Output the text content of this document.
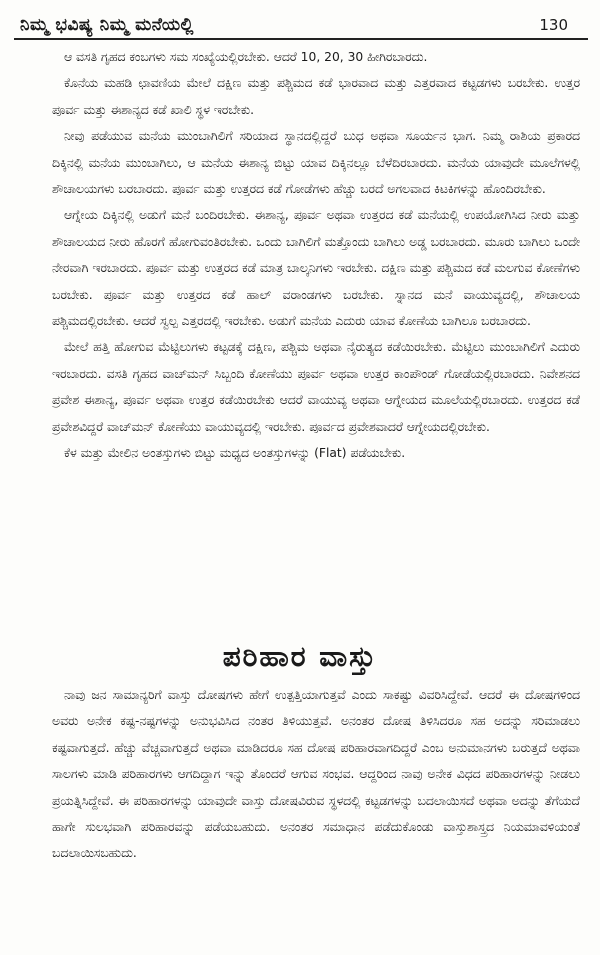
ನಿಮ್ಮ ಭವಿಷ್ಯ ನಿಮ್ಮ ಮನೆಯಲ್ಲಿ	130

ಆ ವಸತಿ ಗೃಹದ ಕಂಬಗಳು ಸಮ ಸಂಖ್ಯೆಯಲ್ಲಿರಬೇಕು. ಆದರೆ 10, 20, 30 ಹೀಗಿರಬಾರದು.

ಕೊನೆಯ ಮಹಡಿ ಛಾವಣಿಯ ಮೇಲೆ ದಕ್ಷಿಣ ಮತ್ತು ಪಶ್ಚಿಮದ ಕಡೆ ಭಾರವಾದ ಮತ್ತು ಎತ್ತರವಾದ ಕಟ್ಟಡಗಳು ಬರಬೇಕು. ಉತ್ತರ ಪೂರ್ವ ಮತ್ತು ಈಶಾನ್ಯದ ಕಡೆ ಖಾಲಿ ಸ್ಥಳ ಇರಬೇಕು.

ನೀವು ಪಡೆಯುವ ಮನೆಯ ಮುಂಬಾಗಿಲಿಗೆ ಸರಿಯಾದ ಸ್ಥಾನದಲ್ಲಿದ್ದರೆ ಬುಧ ಅಥವಾ ಸೂರ್ಯನ ಭಾಗ. ನಿಮ್ಮ ರಾಶಿಯ ಪ್ರಕಾರದ ದಿಕ್ಕಿನಲ್ಲಿ ಮನೆಯ ಮುಂಬಾಗಿಲು, ಆ ಮನೆಯ ಈಶಾನ್ಯ ಬಿಟ್ಟು ಯಾವ ದಿಕ್ಕಿನಲ್ಲೂ ಬೆಳೆದಿರಬಾರದು. ಮನೆಯ ಯಾವುದೇ ಮೂಲೆಗಳಲ್ಲಿ ಶೌಚಾಲಯಗಳು ಬರಬಾರದು. ಪೂರ್ವ ಮತ್ತು ಉತ್ತರದ ಕಡೆ ಗೋಡೆಗಳು ಹೆಚ್ಚು ಬರದೆ ಅಗಲವಾದ ಕಿಟಕಿಗಳನ್ನು ಹೊಂದಿರಬೇಕು.

ಆಗ್ನೇಯ ದಿಕ್ಕಿನಲ್ಲಿ ಅಡುಗೆ ಮನೆ ಬಂದಿರಬೇಕು. ಈಶಾನ್ಯ, ಪೂರ್ವ ಅಥವಾ ಉತ್ತರದ ಕಡೆ ಮನೆಯಲ್ಲಿ ಉಪಯೋಗಿಸಿದ ನೀರು ಮತ್ತು ಶೌಚಾಲಯದ ನೀರು ಹೊರಗೆ ಹೋಗುವಂತಿರಬೇಕು. ಒಂದು ಬಾಗಿಲಿಗೆ ಮತ್ತೊಂದು ಬಾಗಿಲು ಅಡ್ಡ ಬರಬಾರದು. ಮೂರು ಬಾಗಿಲು ಒಂದೇ ನೇರವಾಗಿ ಇರಬಾರದು. ಪೂರ್ವ ಮತ್ತು ಉತ್ತರದ ಕಡೆ ಮಾತ್ರ ಬಾಲ್ಕನಿಗಳು ಇರಬೇಕು. ದಕ್ಷಿಣ ಮತ್ತು ಪಶ್ಚಿಮದ ಕಡೆ ಮಲಗುವ ಕೋಣೆಗಳು ಬರಬೇಕು. ಪೂರ್ವ ಮತ್ತು ಉತ್ತರದ ಕಡೆ ಹಾಲ್ ವರಾಂಡಗಳು ಬರಬೇಕು. ಸ್ನಾನದ ಮನೆ ವಾಯುವ್ಯದಲ್ಲಿ, ಶೌಚಾಲಯ ಪಶ್ಚಿಮದಲ್ಲಿರಬೇಕು. ಆದರೆ ಸ್ವಲ್ಪ ಎತ್ತರದಲ್ಲಿ ಇರಬೇಕು. ಅಡುಗೆ ಮನೆಯ ಎದುರು ಯಾವ ಕೋಣೆಯ ಬಾಗಿಲೂ ಬರಬಾರದು.

ಮೇಲೆ ಹತ್ತಿ ಹೋಗುವ ಮೆಟ್ಟಿಲುಗಳು ಕಟ್ಟಡಕ್ಕೆ ದಕ್ಷಿಣ, ಪಶ್ಚಿಮ ಅಥವಾ ನೈರುತ್ಯದ ಕಡೆಯಿರಬೇಕು. ಮೆಟ್ಟಿಲು ಮುಂಬಾಗಿಲಿಗೆ ಎದುರು ಇರಬಾರದು. ವಸತಿ ಗೃಹದ ವಾಚ್‌ಮನ್ ಸಿಬ್ಬಂದಿ ಕೋಣೆಯು ಪೂರ್ವ ಅಥವಾ ಉತ್ತರ ಕಾಂಪೌಂಡ್ ಗೋಡೆಯಲ್ಲಿರಬಾರದು. ನಿವೇಶನದ ಪ್ರವೇಶ ಈಶಾನ್ಯ, ಪೂರ್ವ ಅಥವಾ ಉತ್ತರ ಕಡೆಯಿರಬೇಕು ಆದರೆ ವಾಯುವ್ಯ ಅಥವಾ ಆಗ್ನೇಯದ ಮೂಲೆಯಲ್ಲಿರಬಾರದು. ಉತ್ತರದ ಕಡೆ ಪ್ರವೇಶವಿದ್ದರೆ ವಾಚ್‌ಮನ್ ಕೋಣೆಯು ವಾಯುವ್ಯದಲ್ಲಿ ಇರಬೇಕು. ಪೂರ್ವದ ಪ್ರವೇಶವಾದರೆ ಆಗ್ನೇಯದಲ್ಲಿರಬೇಕು.

ಕೆಳ ಮತ್ತು ಮೇಲಿನ ಅಂತಸ್ತುಗಳು ಬಿಟ್ಟು ಮಧ್ಯದ ಅಂತಸ್ತುಗಳನ್ನು (Flat) ಪಡೆಯಬೇಕು.

ಪರಿಹಾರ ವಾಸ್ತು

ನಾವು ಜನ ಸಾಮಾನ್ಯರಿಗೆ ವಾಸ್ತು ದೋಷಗಳು ಹೇಗೆ ಉತ್ಪತ್ತಿಯಾಗುತ್ತವೆ ಎಂದು ಸಾಕಷ್ಟು ವಿವರಿಸಿದ್ದೇವೆ. ಆದರೆ ಈ ದೋಷಗಳಿಂದ ಅವರು ಅನೇಕ ಕಷ್ಟ-ನಷ್ಟಗಳನ್ನು ಅನುಭವಿಸಿದ ನಂತರ ತಿಳಿಯುತ್ತವೆ. ಅನಂತರ ದೋಷ ತಿಳಿಸಿದರೂ ಸಹ ಅದನ್ನು ಸರಿಮಾಡಲು ಕಷ್ಟವಾಗುತ್ತದೆ. ಹೆಚ್ಚು ವೆಚ್ಚವಾಗುತ್ತದೆ ಅಥವಾ ಮಾಡಿದರೂ ಸಹ ದೋಷ ಪರಿಹಾರವಾಗದಿದ್ದರೆ ಎಂಬ ಅನುಮಾನಗಳು ಬರುತ್ತದೆ ಅಥವಾ ಸಾಲಗಳು ಮಾಡಿ ಪರಿಹಾರಗಳು ಆಗದಿದ್ದಾಗ ಇನ್ನು ತೊಂದರೆ ಆಗುವ ಸಂಭವ. ಆದ್ದರಿಂದ ನಾವು ಅನೇಕ ವಿಧದ ಪರಿಹಾರಗಳನ್ನು ನೀಡಲು ಪ್ರಯತ್ನಿಸಿದ್ದೇವೆ. ಈ ಪರಿಹಾರಗಳನ್ನು ಯಾವುದೇ ವಾಸ್ತು ದೋಷವಿರುವ ಸ್ಥಳದಲ್ಲಿ ಕಟ್ಟಡಗಳನ್ನು ಬದಲಾಯಿಸದೆ ಅಥವಾ ಅದನ್ನು ತೆಗೆಯದೆ ಹಾಗೇ ಸುಲಭವಾಗಿ ಪರಿಹಾರವನ್ನು ಪಡೆಯಬಹುದು. ಅನಂತರ ಸಮಾಧಾನ ಪಡೆದುಕೊಂಡು ವಾಸ್ತುಶಾಸ್ತ್ರದ ನಿಯಮಾವಳಿಯಂತೆ ಬದಲಾಯಿಸಬಹುದು.
